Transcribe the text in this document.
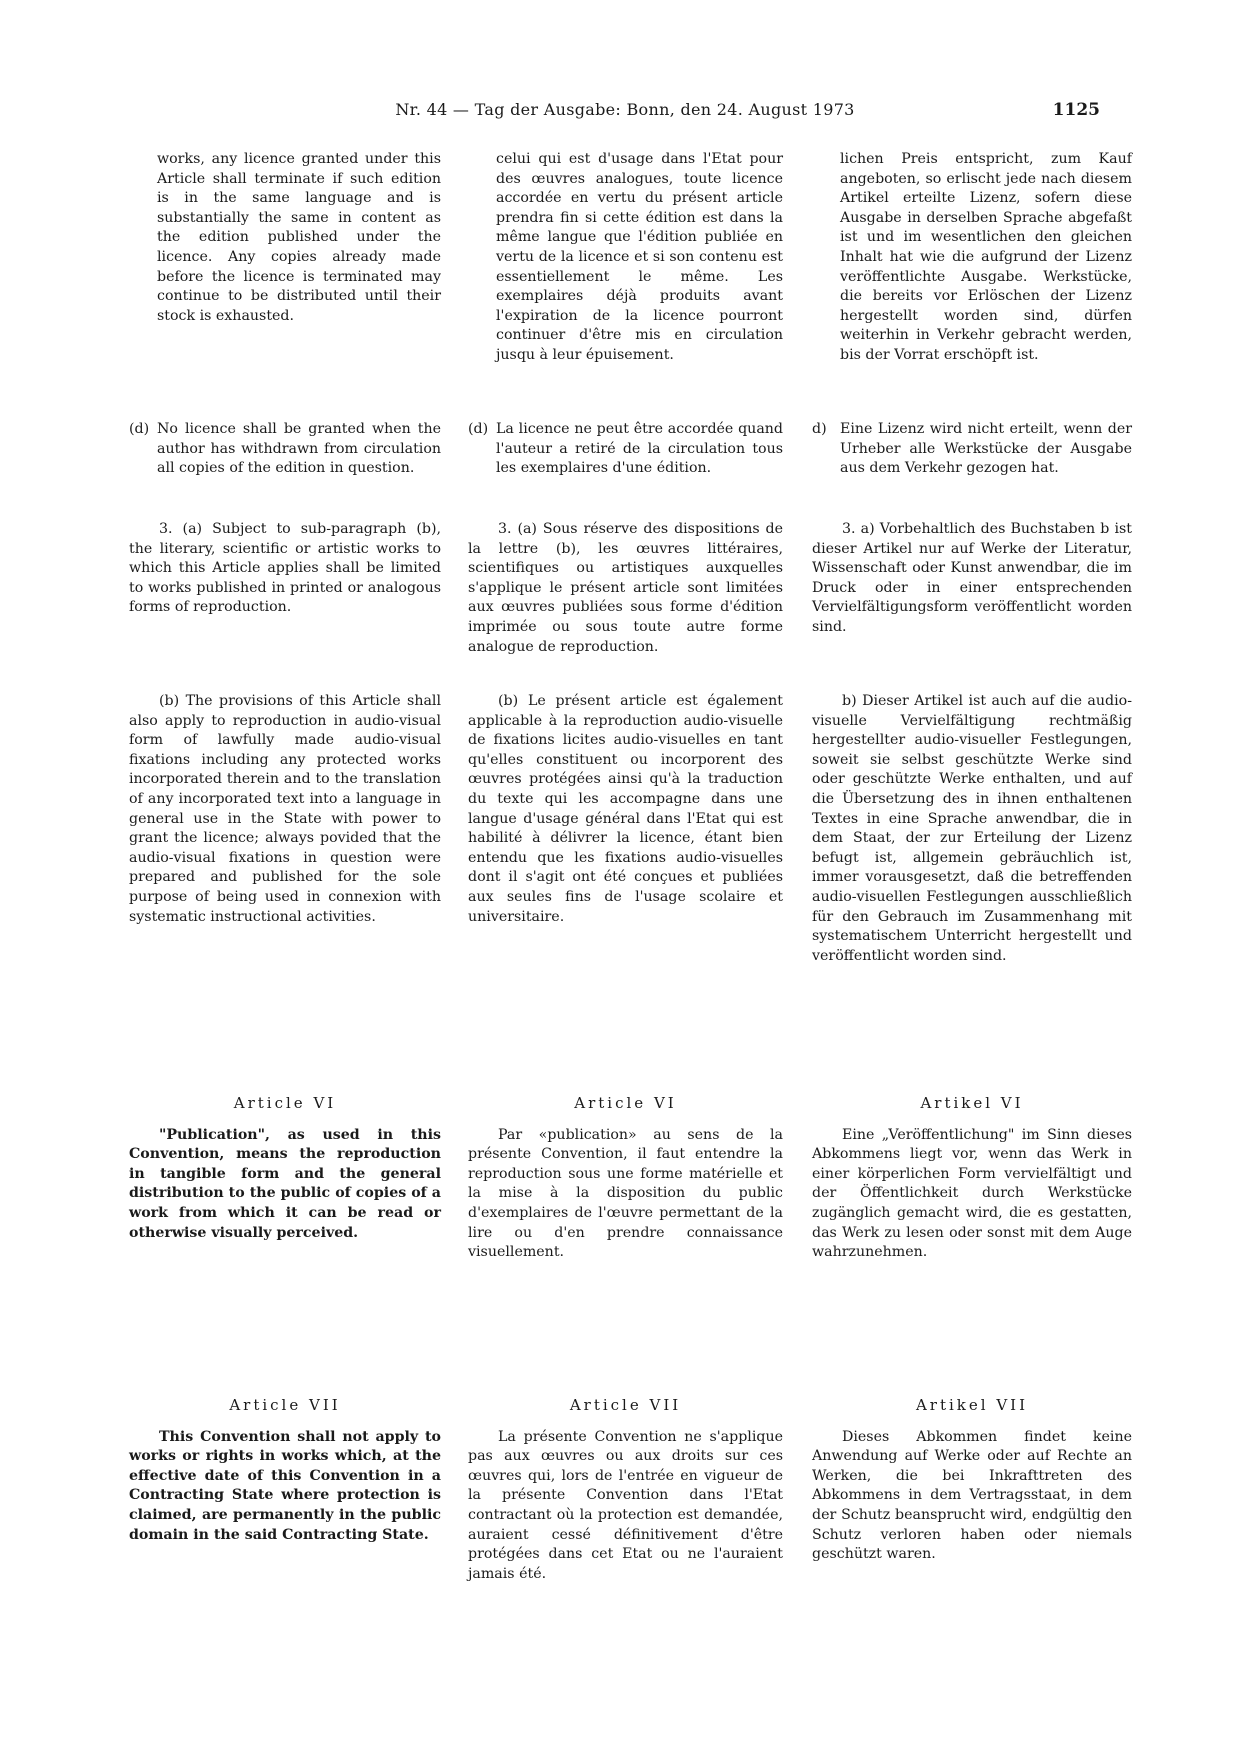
Nr. 44 — Tag der Ausgabe: Bonn, den 24. August 1973	1125

works, any licence granted under this Article shall terminate if such edition is in the same language and is substantially the same in content as the edition published under the licence. Any copies already made before the licence is terminated may continue to be distributed until their stock is exhausted.

(d) No licence shall be granted when the author has withdrawn from circulation all copies of the edition in question.

3. (a) Subject to sub-paragraph (b), the literary, scientific or artistic works to which this Article applies shall be limited to works published in printed or analogous forms of reproduction.

(b) The provisions of this Article shall also apply to reproduction in audio-visual form of lawfully made audio-visual fixations including any protected works incorporated therein and to the translation of any incorporated text into a language in general use in the State with power to grant the licence; always povided that the audio-visual fixations in question were prepared and published for the sole purpose of being used in connexion with systematic instructional activities.

Article VI

"Publication", as used in this Convention, means the reproduction in tangible form and the general distribution to the public of copies of a work from which it can be read or otherwise visually perceived.

Article VII

This Convention shall not apply to works or rights in works which, at the effective date of this Convention in a Contracting State where protection is claimed, are permanently in the public domain in the said Contracting State.

celui qui est d'usage dans l'Etat pour des œuvres analogues, toute licence accordée en vertu du présent article prendra fin si cette édition est dans la même langue que l'édition publiée en vertu de la licence et si son contenu est essentiellement le même. Les exemplaires déjà produits avant l'expiration de la licence pourront continuer d'être mis en circulation jusqu à leur épuisement.

(d) La licence ne peut être accordée quand l'auteur a retiré de la circulation tous les exemplaires d'une édition.

3. (a) Sous réserve des dispositions de la lettre (b), les œuvres littéraires, scientifiques ou artistiques auxquelles s'applique le présent article sont limitées aux œuvres publiées sous forme d'édition imprimée ou sous toute autre forme analogue de reproduction.

(b) Le présent article est également applicable à la reproduction audio-visuelle de fixations licites audio-visuelles en tant qu'elles constituent ou incorporent des œuvres protégées ainsi qu'à la traduction du texte qui les accompagne dans une langue d'usage général dans l'Etat qui est habilité à délivrer la licence, étant bien entendu que les fixations audio-visuelles dont il s'agit ont été conçues et publiées aux seules fins de l'usage scolaire et universitaire.

Article VI

Par «publication» au sens de la présente Convention, il faut entendre la reproduction sous une forme matérielle et la mise à la disposition du public d'exemplaires de l'œuvre permettant de la lire ou d'en prendre connaissance visuellement.

Article VII

La présente Convention ne s'applique pas aux œuvres ou aux droits sur ces œuvres qui, lors de l'entrée en vigueur de la présente Convention dans l'Etat contractant où la protection est demandée, auraient cessé définitivement d'être protégées dans cet Etat ou ne l'auraient jamais été.

lichen Preis entspricht, zum Kauf angeboten, so erlischt jede nach diesem Artikel erteilte Lizenz, sofern diese Ausgabe in derselben Sprache abgefaßt ist und im wesentlichen den gleichen Inhalt hat wie die aufgrund der Lizenz veröffentlichte Ausgabe. Werkstücke, die bereits vor Erlöschen der Lizenz hergestellt worden sind, dürfen weiterhin in Verkehr gebracht werden, bis der Vorrat erschöpft ist.

d) Eine Lizenz wird nicht erteilt, wenn der Urheber alle Werkstücke der Ausgabe aus dem Verkehr gezogen hat.

3. a) Vorbehaltlich des Buchstaben b ist dieser Artikel nur auf Werke der Literatur, Wissenschaft oder Kunst anwendbar, die im Druck oder in einer entsprechenden Vervielfältigungsform veröffentlicht worden sind.

b) Dieser Artikel ist auch auf die audio-visuelle Vervielfältigung rechtmäßig hergestellter audio-visueller Festlegungen, soweit sie selbst geschützte Werke sind oder geschützte Werke enthalten, und auf die Übersetzung des in ihnen enthaltenen Textes in eine Sprache anwendbar, die in dem Staat, der zur Erteilung der Lizenz befugt ist, allgemein gebräuchlich ist, immer vorausgesetzt, daß die betreffenden audio-visuellen Festlegungen ausschließlich für den Gebrauch im Zusammenhang mit systematischem Unterricht hergestellt und veröffentlicht worden sind.

Artikel VI

Eine „Veröffentlichung" im Sinn dieses Abkommens liegt vor, wenn das Werk in einer körperlichen Form vervielfältigt und der Öffentlichkeit durch Werkstücke zugänglich gemacht wird, die es gestatten, das Werk zu lesen oder sonst mit dem Auge wahrzunehmen.

Artikel VII

Dieses Abkommen findet keine Anwendung auf Werke oder auf Rechte an Werken, die bei Inkrafttreten des Abkommens in dem Vertragsstaat, in dem der Schutz beansprucht wird, endgültig den Schutz verloren haben oder niemals geschützt waren.
